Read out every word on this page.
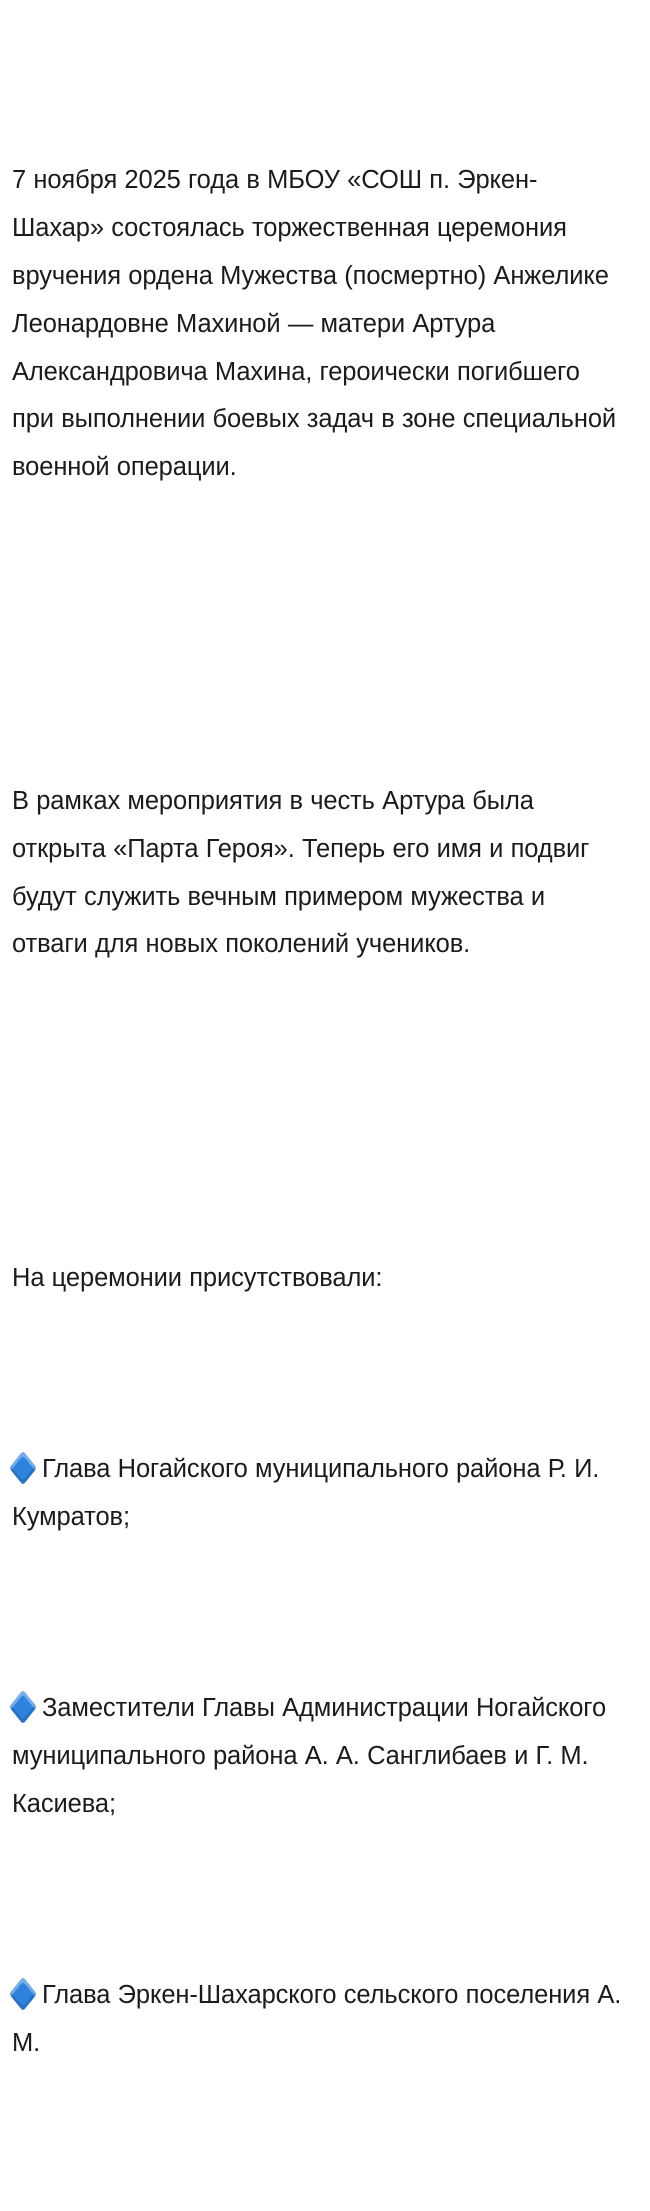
7 ноября 2025 года в МБОУ «СОШ п. Эркен-Шахар» состоялась торжественная церемония вручения ордена Мужества (посмертно) Анжелике Леонардовне Махиной — матери Артура Александровича Махина, героически погибшего при выполнении боевых задач в зоне специальной военной операции.

В рамках мероприятия в честь Артура была открыта «Парта Героя». Теперь его имя и подвиг будут служить вечным примером мужества и отваги для новых поколений учеников.

На церемонии присутствовали:

Глава Ногайского муниципального района Р. И. Кумратов;

Заместители Главы Администрации Ногайского муниципального района А. А. Санглибаев и Г. М. Касиева;

Глава Эркен-Шахарского сельского поселения А. М.
